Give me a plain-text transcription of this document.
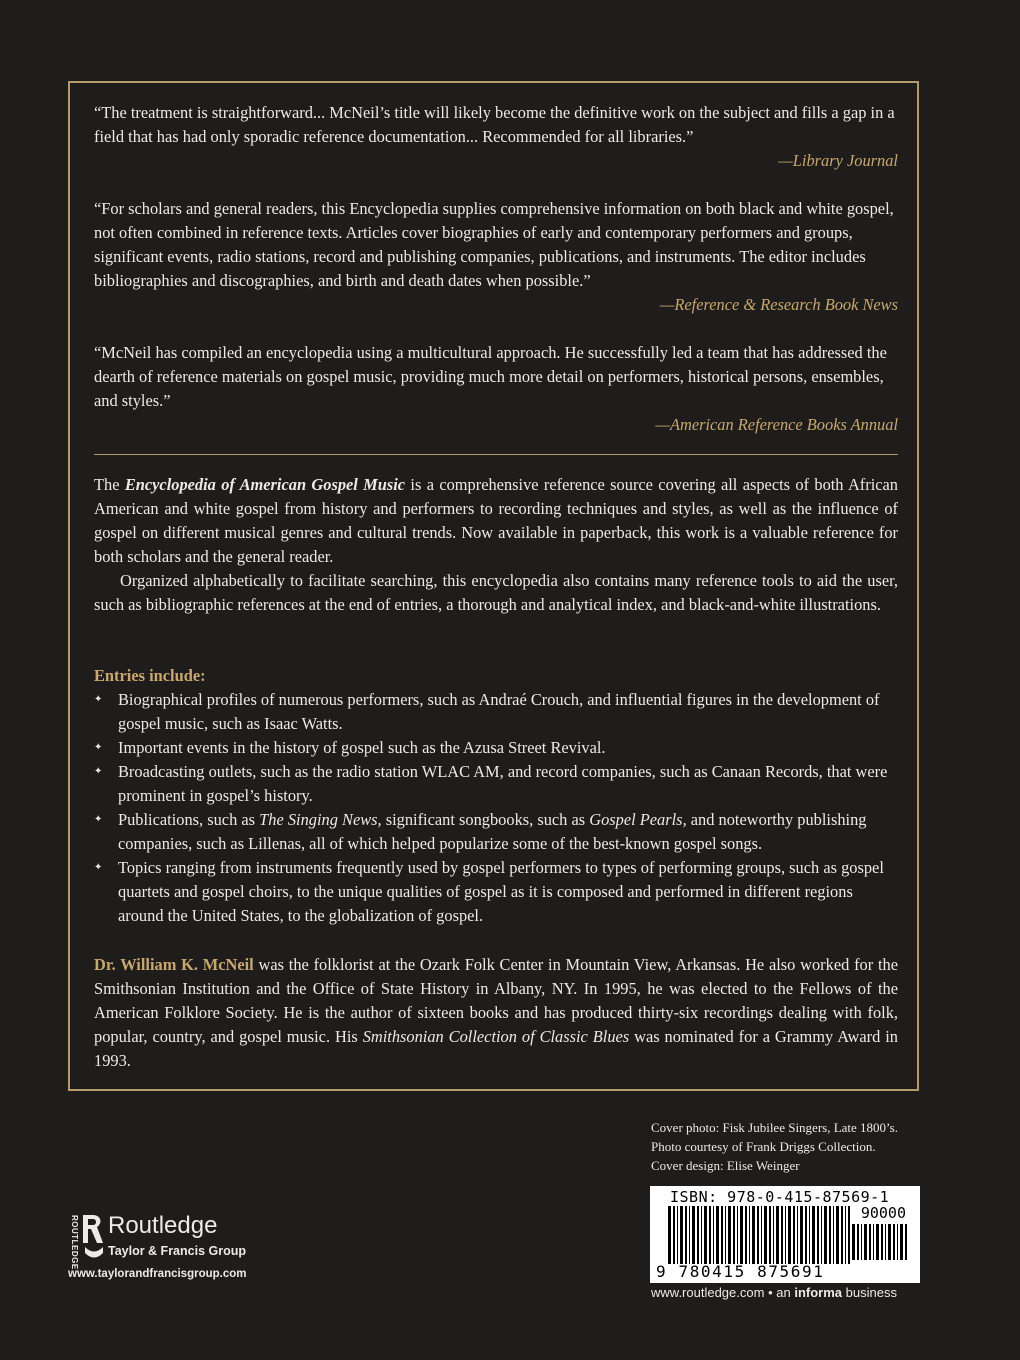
“The treatment is straightforward... McNeil’s title will likely become the definitive work on the subject and fills a gap in a field that has had only sporadic reference documentation... Recommended for all libraries.”

—Library Journal

“For scholars and general readers, this Encyclopedia supplies comprehensive information on both black and white gospel, not often combined in reference texts. Articles cover biographies of early and contemporary performers and groups, significant events, radio stations, record and publishing companies, publications, and instruments. The editor includes bibliographies and discographies, and birth and death dates when possible.”

—Reference & Research Book News

“McNeil has compiled an encyclopedia using a multicultural approach. He successfully led a team that has addressed the dearth of reference materials on gospel music, providing much more detail on performers, historical persons, ensembles, and styles.”

—American Reference Books Annual

The Encyclopedia of American Gospel Music is a comprehensive reference source covering all aspects of both African American and white gospel from history and performers to recording techniques and styles, as well as the influence of gospel on different musical genres and cultural trends. Now available in paperback, this work is a valuable reference for both scholars and the general reader.

Organized alphabetically to facilitate searching, this encyclopedia also contains many reference tools to aid the user, such as bibliographic references at the end of entries, a thorough and analytical index, and black-and-white illustrations.

Entries include:
✦ Biographical profiles of numerous performers, such as Andraé Crouch, and influential figures in the development of gospel music, such as Isaac Watts.
✦ Important events in the history of gospel such as the Azusa Street Revival.
✦ Broadcasting outlets, such as the radio station WLAC AM, and record companies, such as Canaan Records, that were prominent in gospel’s history.
✦ Publications, such as The Singing News, significant songbooks, such as Gospel Pearls, and noteworthy publishing companies, such as Lillenas, all of which helped popularize some of the best-known gospel songs.
✦ Topics ranging from instruments frequently used by gospel performers to types of performing groups, such as gospel quartets and gospel choirs, to the unique qualities of gospel as it is composed and performed in different regions around the United States, to the globalization of gospel.

Dr. William K. McNeil was the folklorist at the Ozark Folk Center in Mountain View, Arkansas. He also worked for the Smithsonian Institution and the Office of State History in Albany, NY. In 1995, he was elected to the Fellows of the American Folklore Society. He is the author of sixteen books and has produced thirty-six recordings dealing with folk, popular, country, and gospel music. His Smithsonian Collection of Classic Blues was nominated for a Grammy Award in 1993.

Cover photo: Fisk Jubilee Singers, Late 1800’s.
Photo courtesy of Frank Driggs Collection.
Cover design: Elise Weinger
ROUTLEDGE Routledge
Taylor & Francis Group
www.taylorandfrancisgroup.com
ISBN: 978-0-415-87569-1
90000
9 780415 875691
www.routledge.com • an informa business
